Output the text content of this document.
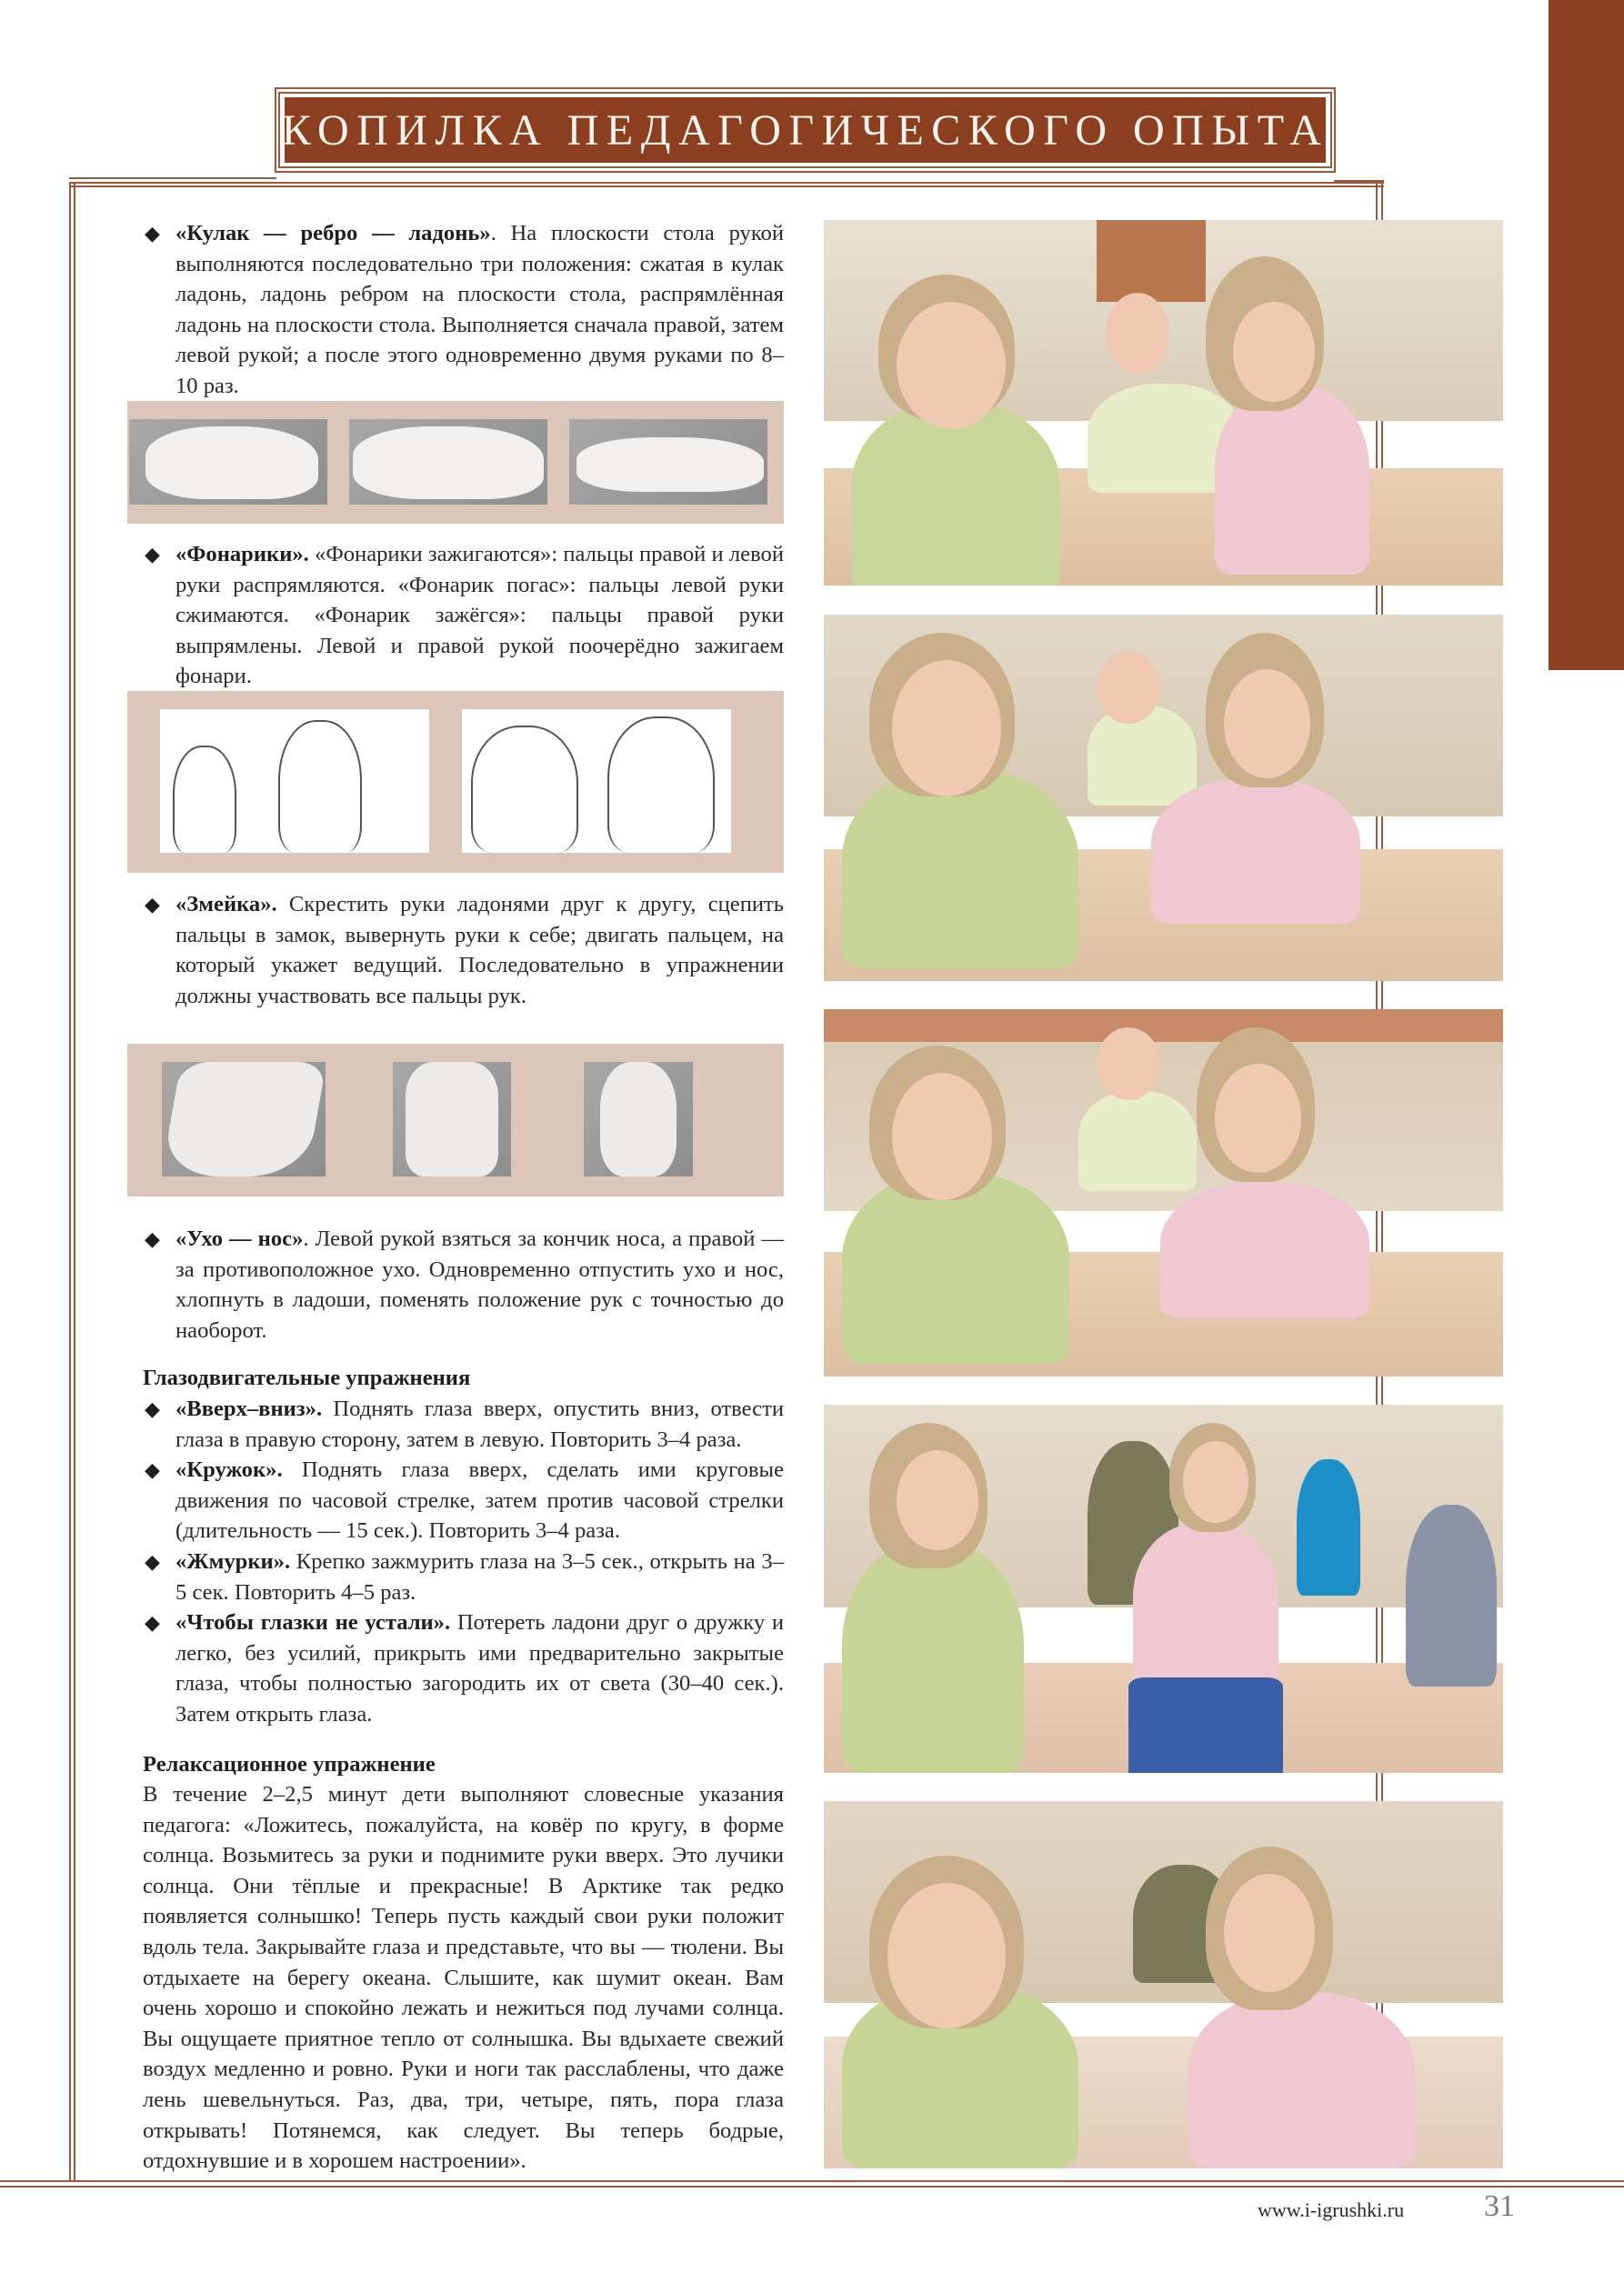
КОПИЛКА ПЕДАГОГИЧЕСКОГО ОПЫТА
◆ «Кулак — ребро — ладонь». На плоскости стола рукой выполняются последовательно три положения: сжатая в кулак ладонь, ладонь ребром на плоскости стола, распрямлённая ладонь на плоскости стола. Выполняется сначала правой, затем левой рукой; а после этого одновременно двумя руками по 8–10 раз.
◆ «Фонарики». «Фонарики зажигаются»: пальцы правой и левой руки распрямляются. «Фонарик погас»: пальцы левой руки сжимаются. «Фонарик зажёгся»: пальцы правой руки выпрямлены. Левой и правой рукой поочерёдно зажигаем фонари.
◆ «Змейка». Скрестить руки ладонями друг к другу, сцепить пальцы в замок, вывернуть руки к себе; двигать пальцем, на который укажет ведущий. Последовательно в упражнении должны участвовать все пальцы рук.
◆ «Ухо — нос». Левой рукой взяться за кончик носа, а правой — за противоположное ухо. Одновременно отпустить ухо и нос, хлопнуть в ладоши, поменять положение рук с точностью до наоборот.
Глазодвигательные упражнения
◆ «Вверх–вниз». Поднять глаза вверх, опустить вниз, отвести глаза в правую сторону, затем в левую. Повторить 3–4 раза.
◆ «Кружок». Поднять глаза вверх, сделать ими круговые движения по часовой стрелке, затем против часовой стрелки (длительность — 15 сек.). Повторить 3–4 раза.
◆ «Жмурки». Крепко зажмурить глаза на 3–5 сек., открыть на 3–5 сек. Повторить 4–5 раз.
◆ «Чтобы глазки не устали». Потереть ладони друг о дружку и легко, без усилий, прикрыть ими предварительно закрытые глаза, чтобы полностью загородить их от света (30–40 сек.). Затем открыть глаза.
Релаксационное упражнение
В течение 2–2,5 минут дети выполняют словесные указания педагога: «Ложитесь, пожалуйста, на ковёр по кругу, в форме солнца. Возьмитесь за руки и поднимите руки вверх. Это лучики солнца. Они тёплые и прекрасные! В Арктике так редко появляется солнышко! Теперь пусть каждый свои руки положит вдоль тела. Закрывайте глаза и представьте, что вы — тюлени. Вы отдыхаете на берегу океана. Слышите, как шумит океан. Вам очень хорошо и спокойно лежать и нежиться под лучами солнца. Вы ощущаете приятное тепло от солнышка. Вы вдыхаете свежий воздух медленно и ровно. Руки и ноги так расслаблены, что даже лень шевельнуться. Раз, два, три, четыре, пять, пора глаза открывать! Потянемся, как следует. Вы теперь бодрые, отдохнувшие и в хорошем настроении».
www.i-igrushki.ru	31
